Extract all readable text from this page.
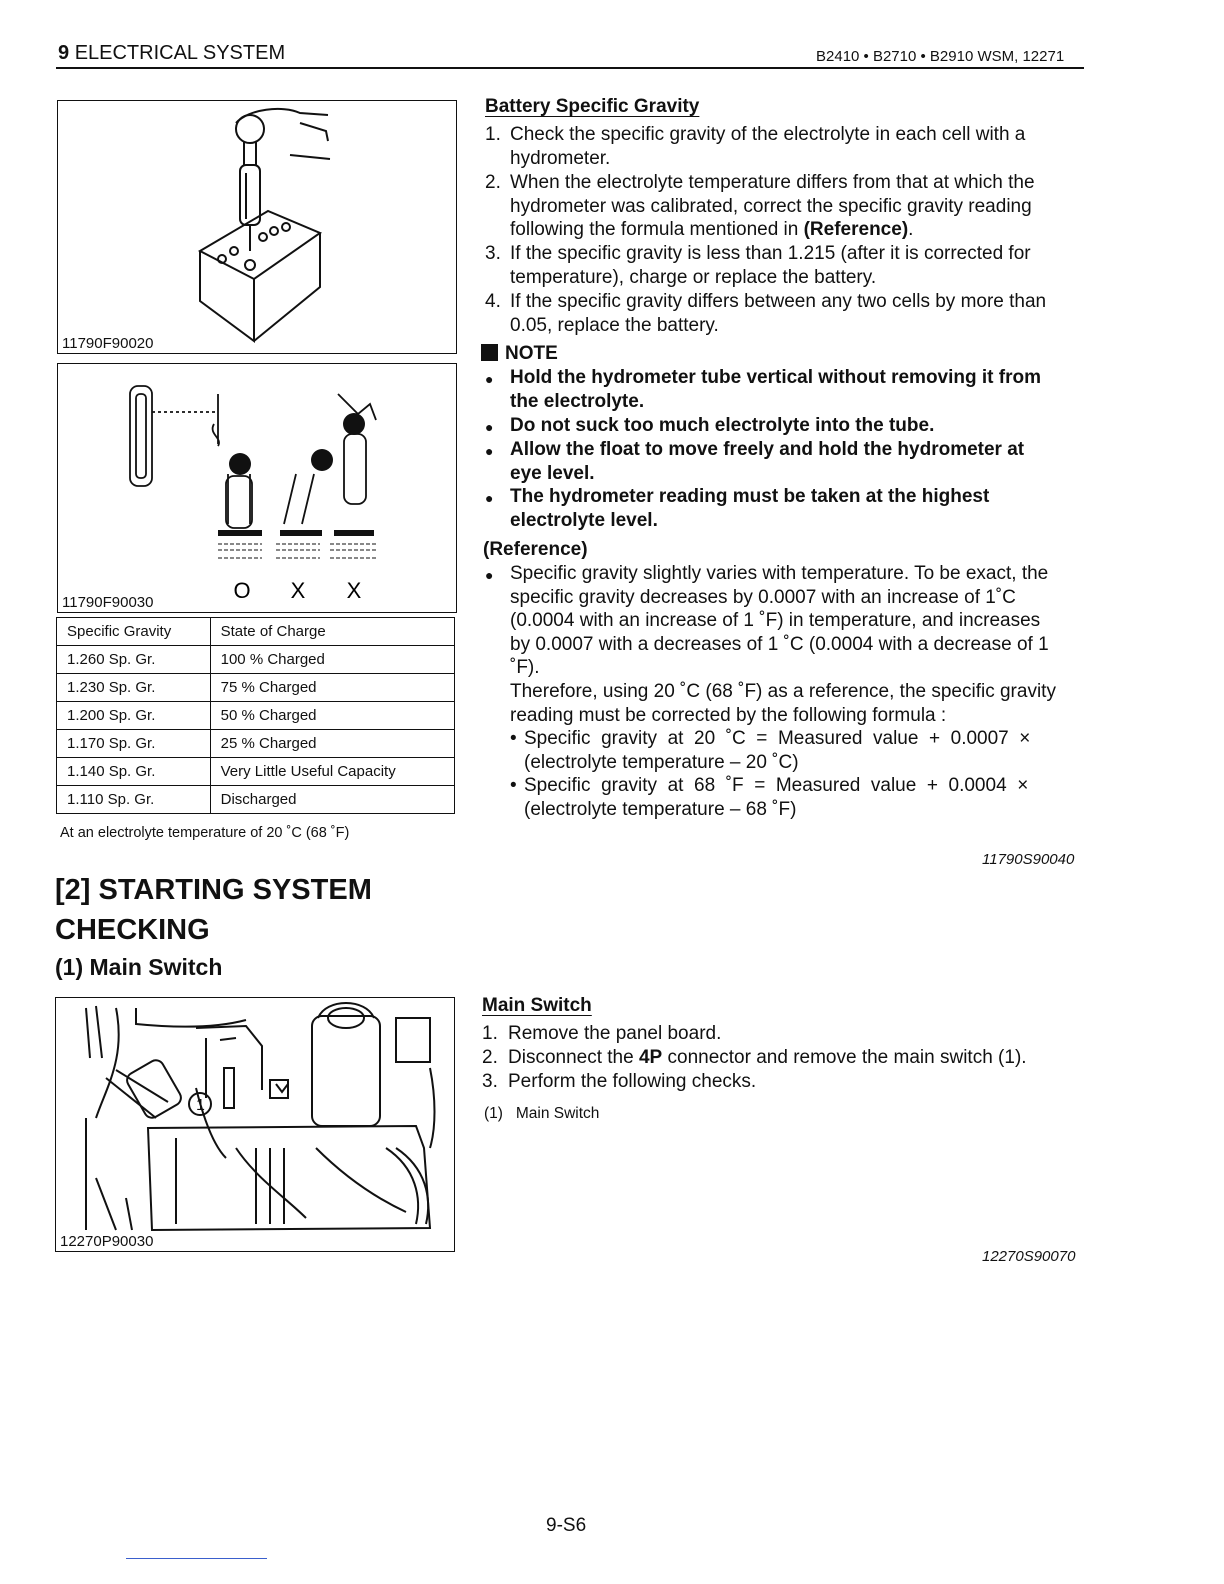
9 ELECTRICAL SYSTEM	B2410 • B2710 • B2910 WSM, 12271
11790F90020
O X X
11790F90030
Specific Gravity	State of Charge
1.260 Sp. Gr.	100 % Charged
1.230 Sp. Gr.	75 % Charged
1.200 Sp. Gr.	50 % Charged
1.170 Sp. Gr.	25 % Charged
1.140 Sp. Gr.	Very Little Useful Capacity
1.110 Sp. Gr.	Discharged
At an electrolyte temperature of 20 ˚C (68 ˚F)
[2] STARTING SYSTEM
CHECKING
(1) Main Switch
1
12270P90030
Battery Specific Gravity
1. Check the specific gravity of the electrolyte in each cell with a
hydrometer.
2. When the electrolyte temperature differs from that at which the
hydrometer was calibrated, correct the specific gravity reading
following the formula mentioned in (Reference).
3. If the specific gravity is less than 1.215 (after it is corrected for
temperature), charge or replace the battery.
4. If the specific gravity differs between any two cells by more than
0.05, replace the battery.
NOTE
● Hold the hydrometer tube vertical without removing it from
the electrolyte.
● Do not suck too much electrolyte into the tube.
● Allow the float to move freely and hold the hydrometer at
eye level.
● The hydrometer reading must be taken at the highest
electrolyte level.
(Reference)
● Specific gravity slightly varies with temperature. To be exact, the
specific gravity decreases by 0.0007 with an increase of 1˚C
(0.0004 with an increase of 1 ˚F) in temperature, and increases
by 0.0007 with a decreases of 1 ˚C (0.0004 with a decrease of 1
˚F).
Therefore, using 20 ˚C (68 ˚F) as a reference, the specific gravity
reading must be corrected by the following formula :
• Specific  gravity  at  20  ˚C  =  Measured  value  +  0.0007  ×
(electrolyte temperature – 20 ˚C)
• Specific  gravity  at  68  ˚F  =  Measured  value  +  0.0004  ×
(electrolyte temperature – 68 ˚F)
11790S90040
Main Switch
1. Remove the panel board.
2. Disconnect the 4P connector and remove the main switch (1).
3. Perform the following checks.
(1)   Main Switch
12270S90070
9-S6
